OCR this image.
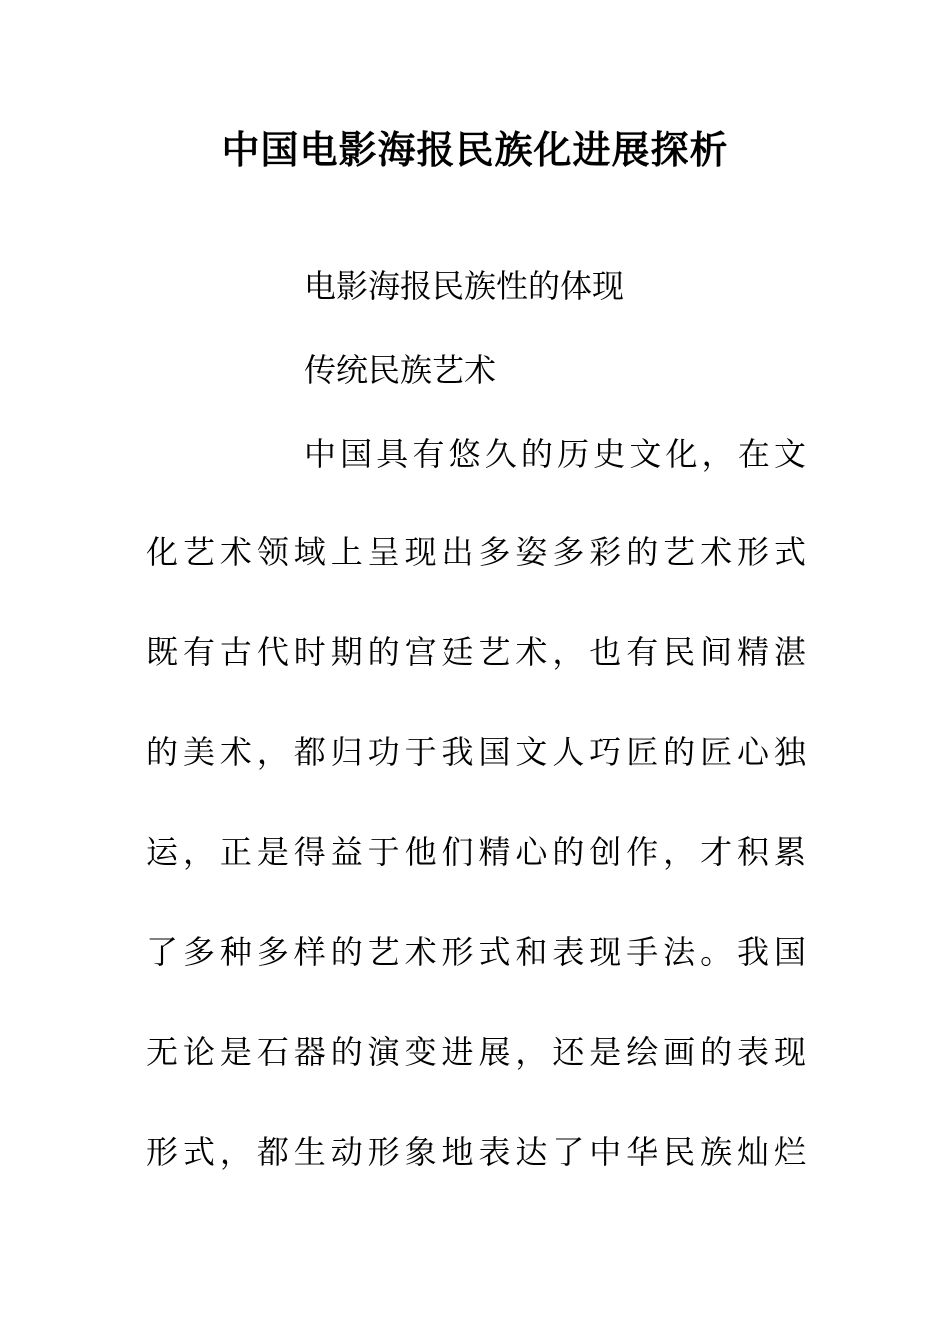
中国电影海报民族化进展探析
电影海报民族性的体现
传统民族艺术
中国具有悠久的历史文化，在文
化艺术领域上呈现出多姿多彩的艺术形式
既有古代时期的宫廷艺术，也有民间精湛
的美术，都归功于我国文人巧匠的匠心独
运，正是得益于他们精心的创作，才积累
了多种多样的艺术形式和表现手法。我国
无论是石器的演变进展，还是绘画的表现
形式，都生动形象地表达了中华民族灿烂
